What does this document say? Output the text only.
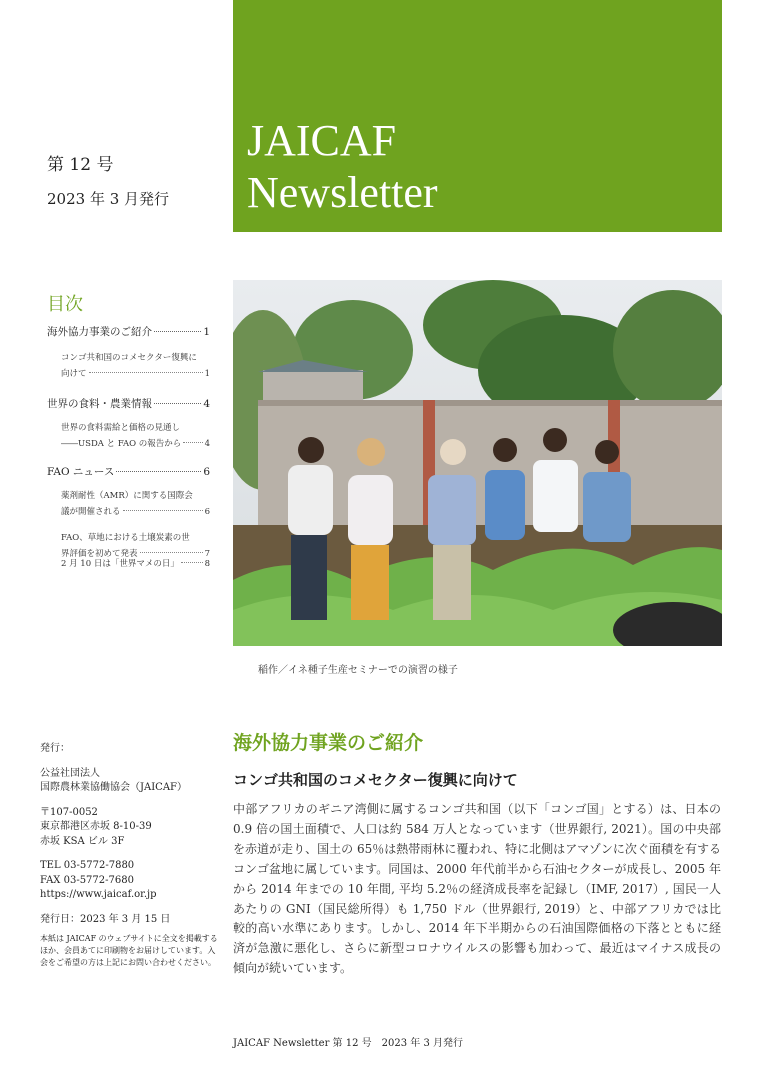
第 12 号
2023 年 3 月発行
JAICAF
Newsletter
目次
海外協力事業のご紹介	1
コンゴ共和国のコメセクター復興に
向けて	1
世界の食料・農業情報	4
世界の食料需給と価格の見通し
――USDA と FAO の報告から	4
FAO ニュース	6
薬剤耐性（AMR）に関する国際会
議が開催される	6
FAO、草地における土壌炭素の世
界評価を初めて発表	7
2 月 10 日は「世界マメの日」	8
稲作／イネ種子生産セミナーでの演習の様子

発行：

公益社団法人

国際農林業協働協会（JAICAF）

〒107-0052

東京都港区赤坂 8-10-39

赤坂 KSA ビル 3F

TEL 03-5772-7880

FAX 03-5772-7680

https://www.jaicaf.or.jp

発行日：2023 年 3 月 15 日

本紙は JAICAF のウェブサイトに全文を掲載するほか、会員あてに印刷物をお届けしています。入会をご希望の方は上記にお問い合わせください。

海外協力事業のご紹介
コンゴ共和国のコメセクター復興に向けて
中部アフリカのギニア湾側に属するコンゴ共和国（以下「コンゴ国」とする）は、日本の 0.9 倍の国土面積で、人口は約 584 万人となっています（世界銀行, 2021）。国の中央部を赤道が走り、国土の 65％は熱帯雨林に覆われ、特に北側はアマゾンに次ぐ面積を有するコンゴ盆地に属しています。同国は、2000 年代前半から石油セクターが成長し、2005 年から 2014 年までの 10 年間, 平均 5.2％の経済成長率を記録し（IMF, 2017）, 国民一人あたりの GNI（国民総所得）も 1,750 ドル（世界銀行, 2019）と、中部アフリカでは比較的高い水準にあります。しかし、2014 年下半期からの石油国際価格の下落とともに経済が急激に悪化し、さらに新型コロナウイルスの影響も加わって、最近はマイナス成長の傾向が続いています。
JAICAF Newsletter 第 12 号　2023 年 3 月発行
